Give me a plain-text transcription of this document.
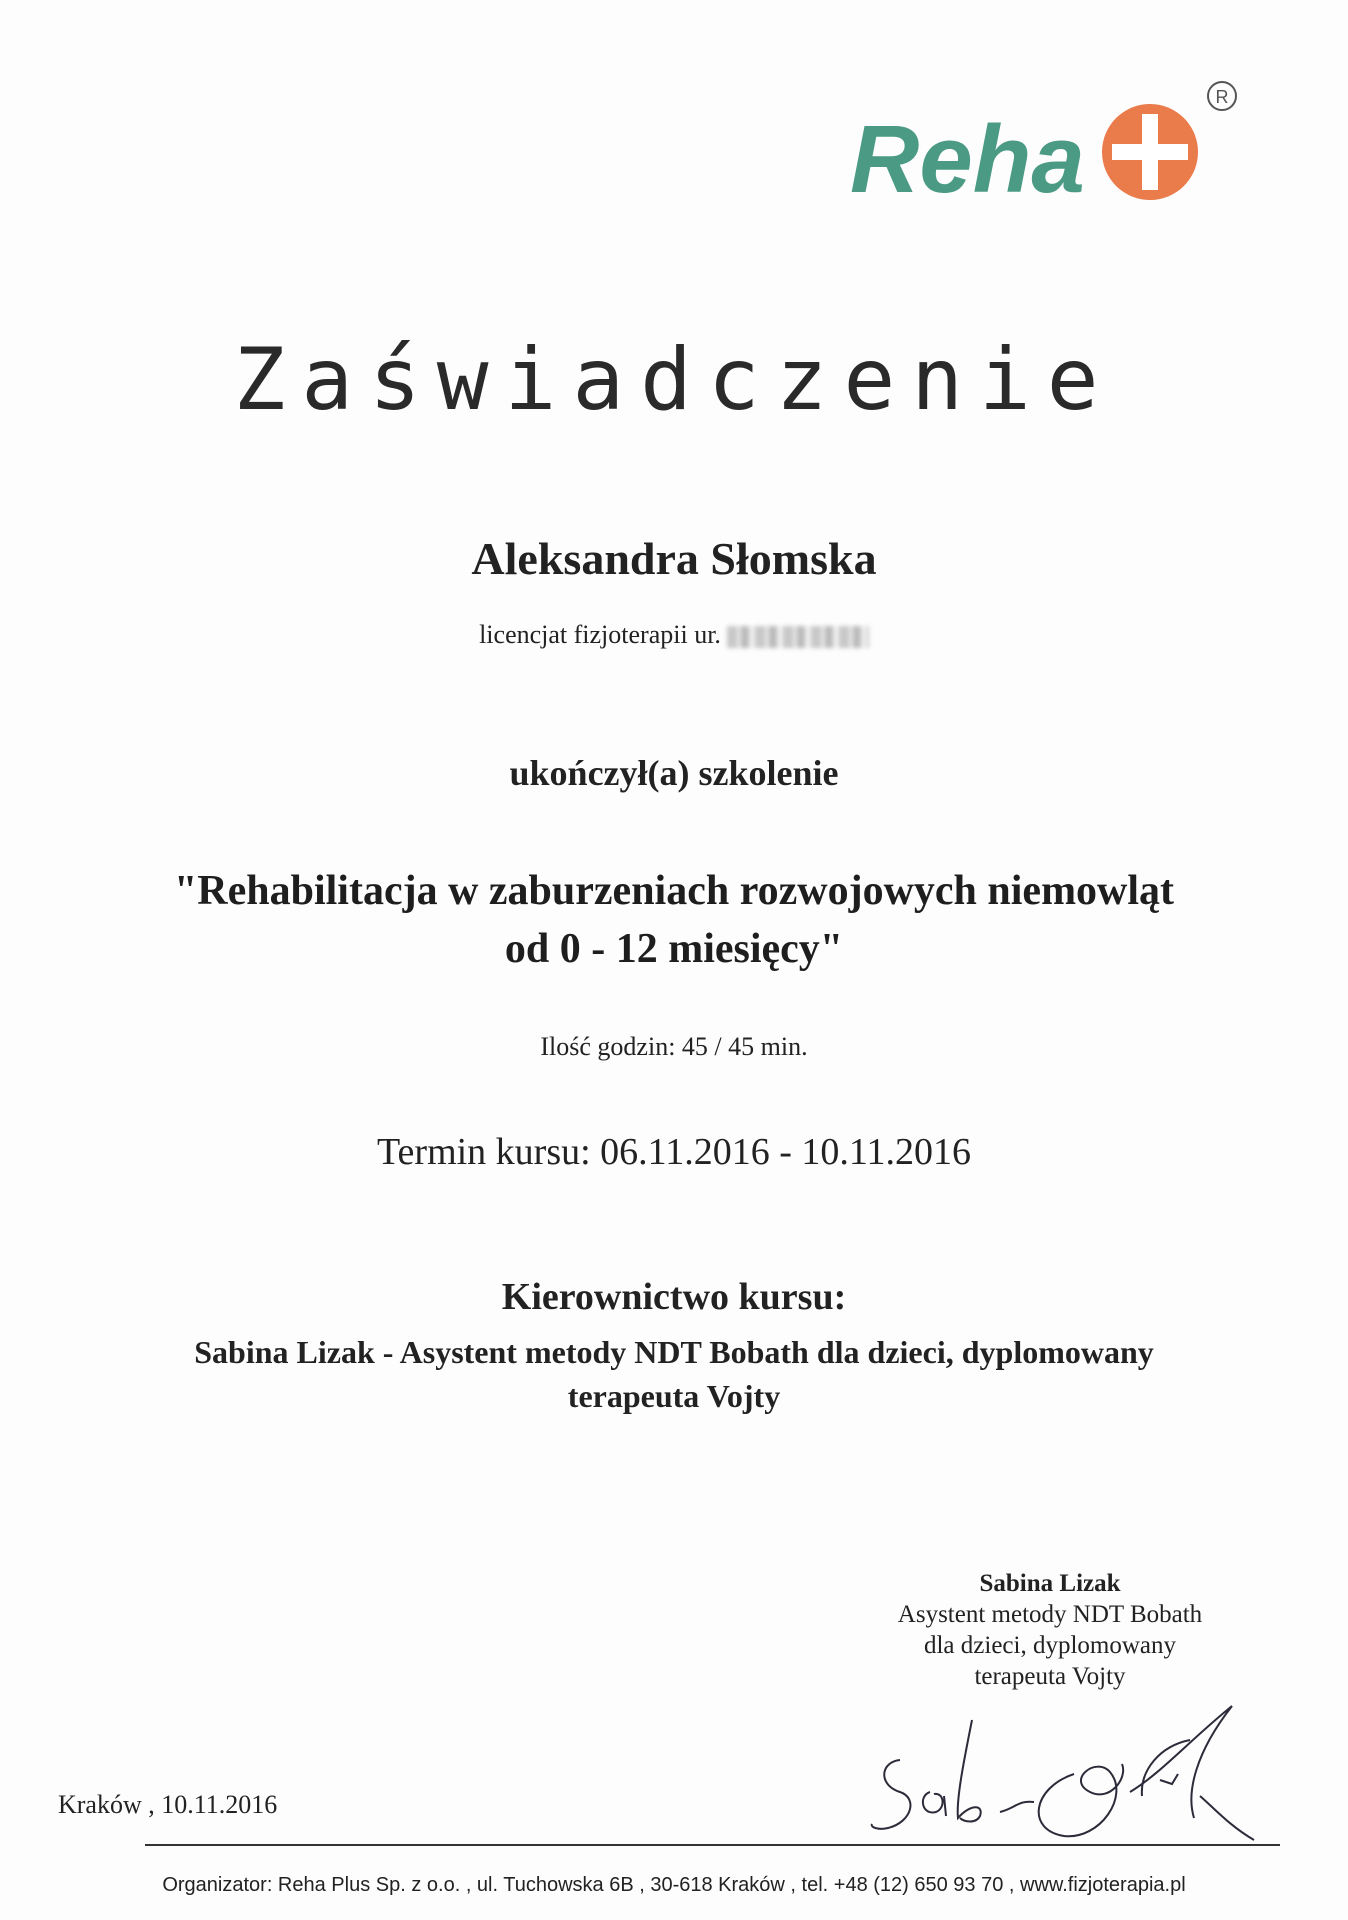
Reha
R
Zaświadczenie
Aleksandra Słomska
licencjat fizjoterapii ur.
ukończył(a) szkolenie
"Rehabilitacja w zaburzeniach rozwojowych niemowląt
od 0 - 12 miesięcy"
Ilość godzin: 45 / 45 min.
Termin kursu: 06.11.2016 - 10.11.2016
Kierownictwo kursu:
Sabina Lizak - Asystent metody NDT Bobath dla dzieci, dyplomowany
terapeuta Vojty
Sabina Lizak
Asystent metody NDT Bobath
dla dzieci, dyplomowany
terapeuta Vojty
Kraków , 10.11.2016
Organizator: Reha Plus Sp. z o.o. , ul. Tuchowska 6B , 30-618 Kraków , tel. +48 (12) 650 93 70 , www.fizjoterapia.pl
